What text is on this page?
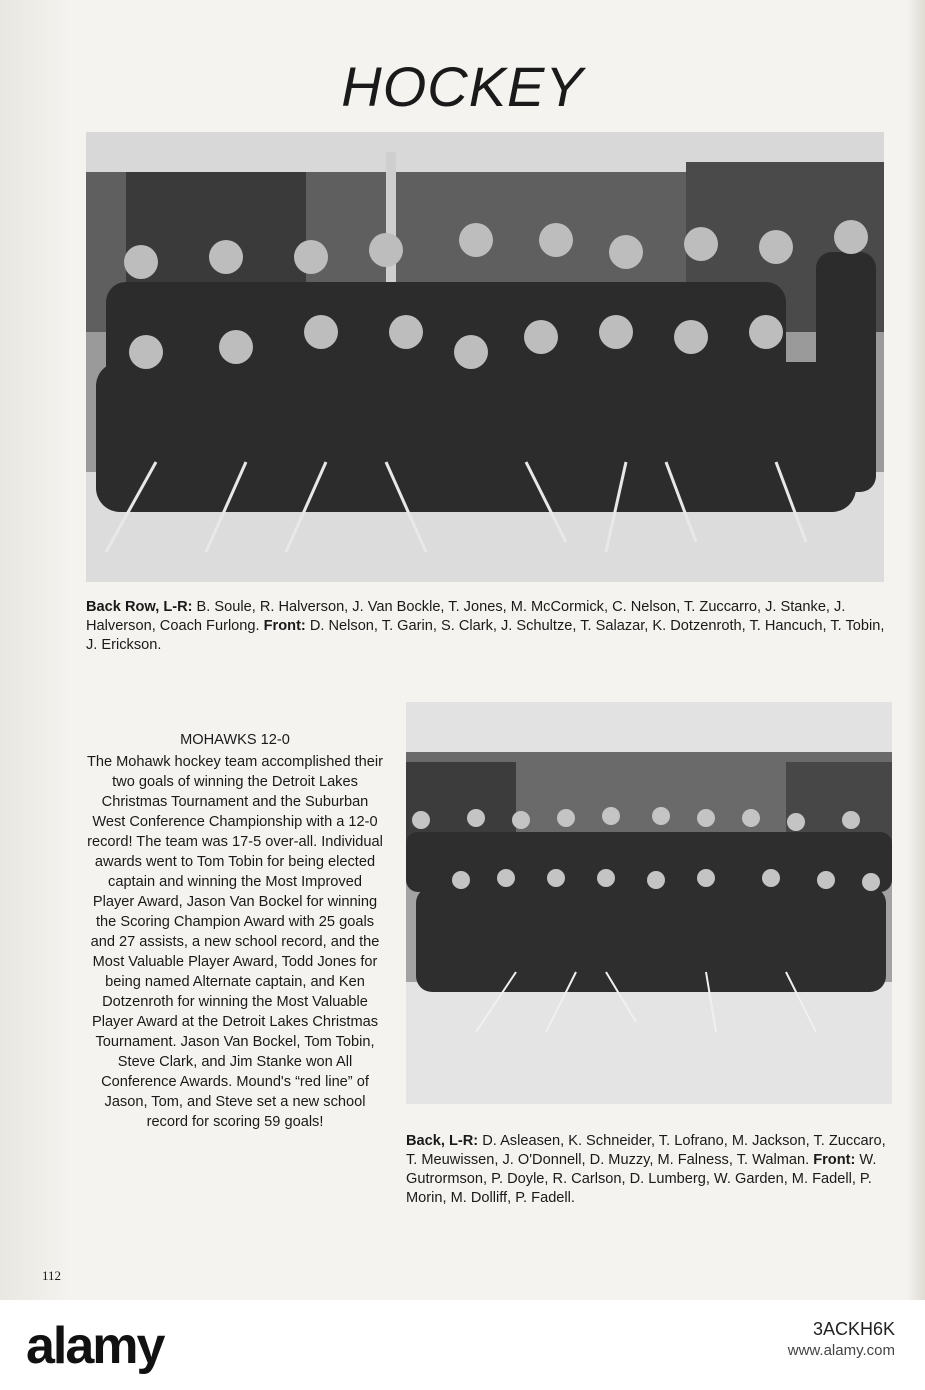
HOCKEY
Back Row, L-R: B. Soule, R. Halverson, J. Van Bockle, T. Jones, M. McCormick, C. Nelson, T. Zuccarro, J. Stanke, J. Halverson, Coach Furlong. Front: D. Nelson, T. Garin, S. Clark, J. Schultze, T. Salazar, K. Dotzenroth, T. Hancuch, T. Tobin, J. Erickson.
MOHAWKS 12-0
The Mohawk hockey team accomplished their two goals of winning the Detroit Lakes Christmas Tournament and the Suburban West Conference Championship with a 12-0 record! The team was 17-5 over-all. Individual awards went to Tom Tobin for being elected captain and winning the Most Improved Player Award, Jason Van Bockel for winning the Scoring Champion Award with 25 goals and 27 assists, a new school record, and the Most Valuable Player Award, Todd Jones for being named Alternate captain, and Ken Dotzenroth for winning the Most Valuable Player Award at the Detroit Lakes Christmas Tournament. Jason Van Bockel, Tom Tobin, Steve Clark, and Jim Stanke won All Conference Awards. Mound's “red line” of Jason, Tom, and Steve set a new school record for scoring 59 goals!
Back, L-R: D. Asleasen, K. Schneider, T. Lofrano, M. Jackson, T. Zuccaro, T. Meuwissen, J. O'Donnell, D. Muzzy, M. Falness, T. Walman. Front: W. Gutrormson, P. Doyle, R. Carlson, D. Lumberg, W. Garden, M. Fadell, P. Morin, M. Dolliff, P. Fadell.
112
alamy	3ACKH6K
www.alamy.com
